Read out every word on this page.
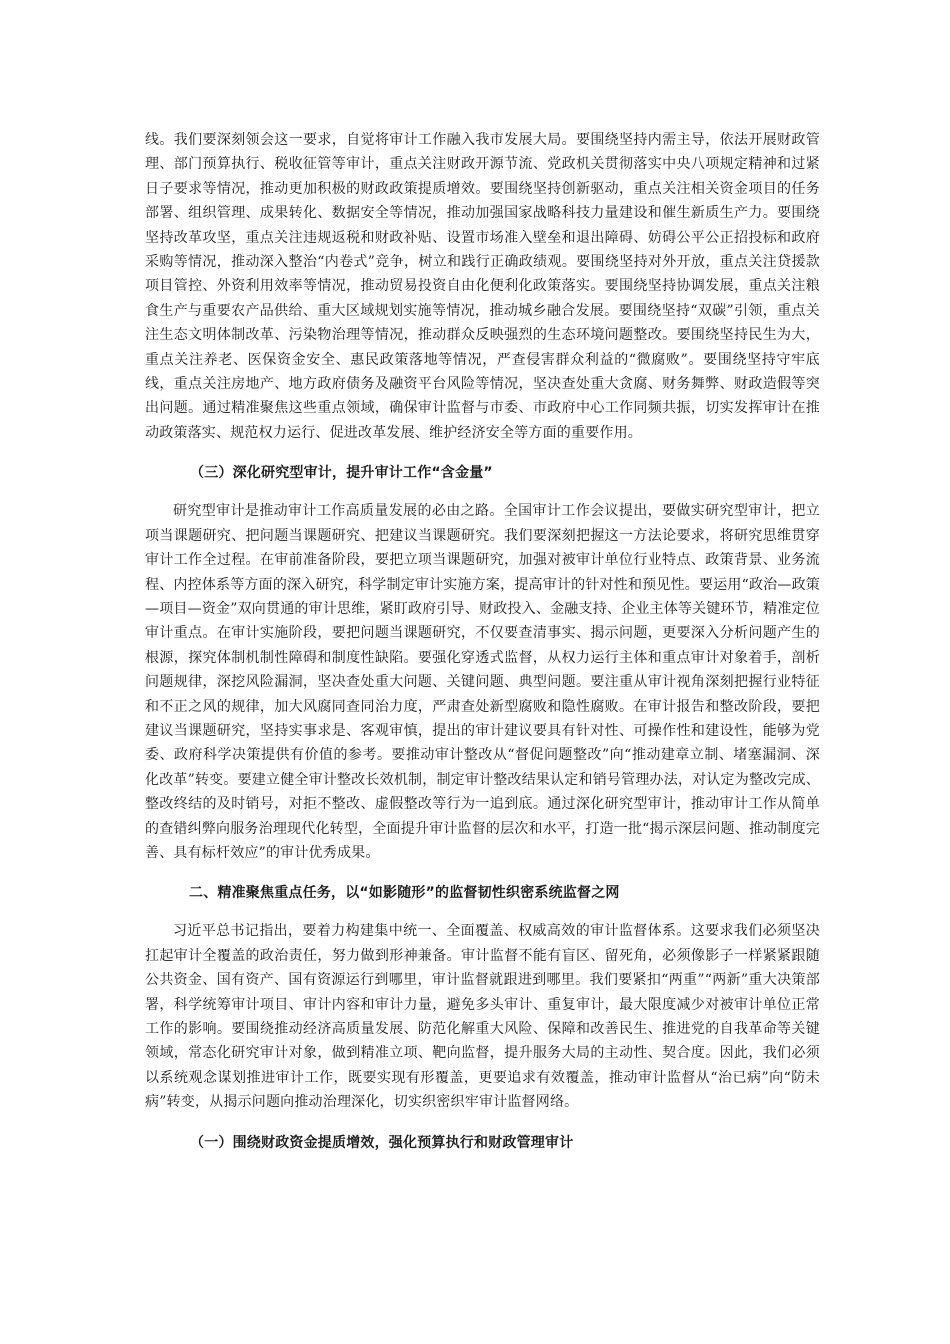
线。我们要深刻领会这一要求，自觉将审计工作融入我市发展大局。要围绕坚持内需主导，依法开展财政管理、部门预算执行、税收征管等审计，重点关注财政开源节流、党政机关贯彻落实中央八项规定精神和过紧日子要求等情况，推动更加积极的财政政策提质增效。要围绕坚持创新驱动，重点关注相关资金项目的任务部署、组织管理、成果转化、数据安全等情况，推动加强国家战略科技力量建设和催生新质生产力。要围绕坚持改革攻坚，重点关注违规返税和财政补贴、设置市场准入壁垒和退出障碍、妨碍公平公正招投标和政府采购等情况，推动深入整治“内卷式”竞争，树立和践行正确政绩观。要围绕坚持对外开放，重点关注贷援款项目管控、外资利用效率等情况，推动贸易投资自由化便利化政策落实。要围绕坚持协调发展，重点关注粮食生产与重要农产品供给、重大区域规划实施等情况，推动城乡融合发展。要围绕坚持“双碳”引领，重点关注生态文明体制改革、污染物治理等情况，推动群众反映强烈的生态环境问题整改。要围绕坚持民生为大，重点关注养老、医保资金安全、惠民政策落地等情况，严查侵害群众利益的“微腐败”。要围绕坚持守牢底线，重点关注房地产、地方政府债务及融资平台风险等情况，坚决查处重大贪腐、财务舞弊、财政造假等突出问题。通过精准聚焦这些重点领域，确保审计监督与市委、市政府中心工作同频共振，切实发挥审计在推动政策落实、规范权力运行、促进改革发展、维护经济安全等方面的重要作用。

（三）深化研究型审计，提升审计工作“含金量”

研究型审计是推动审计工作高质量发展的必由之路。全国审计工作会议提出，要做实研究型审计，把立项当课题研究、把问题当课题研究、把建议当课题研究。我们要深刻把握这一方法论要求，将研究思维贯穿审计工作全过程。在审前准备阶段，要把立项当课题研究，加强对被审计单位行业特点、政策背景、业务流程、内控体系等方面的深入研究，科学制定审计实施方案，提高审计的针对性和预见性。要运用“政治—政策—项目—资金”双向贯通的审计思维，紧盯政府引导、财政投入、金融支持、企业主体等关键环节，精准定位审计重点。在审计实施阶段，要把问题当课题研究，不仅要查清事实、揭示问题，更要深入分析问题产生的根源，探究体制机制性障碍和制度性缺陷。要强化穿透式监督，从权力运行主体和重点审计对象着手，剖析问题规律，深挖风险漏洞，坚决查处重大问题、关键问题、典型问题。要注重从审计视角深刻把握行业特征和不正之风的规律，加大风腐同查同治力度，严肃查处新型腐败和隐性腐败。在审计报告和整改阶段，要把建议当课题研究，坚持实事求是、客观审慎，提出的审计建议要具有针对性、可操作性和建设性，能够为党委、政府科学决策提供有价值的参考。要推动审计整改从“督促问题整改”向“推动建章立制、堵塞漏洞、深化改革”转变。要建立健全审计整改长效机制，制定审计整改结果认定和销号管理办法，对认定为整改完成、整改终结的及时销号，对拒不整改、虚假整改等行为一追到底。通过深化研究型审计，推动审计工作从简单的查错纠弊向服务治理现代化转型，全面提升审计监督的层次和水平，打造一批“揭示深层问题、推动制度完善、具有标杆效应”的审计优秀成果。

二、精准聚焦重点任务，以“如影随形”的监督韧性织密系统监督之网

习近平总书记指出，要着力构建集中统一、全面覆盖、权威高效的审计监督体系。这要求我们必须坚决扛起审计全覆盖的政治责任，努力做到形神兼备。审计监督不能有盲区、留死角，必须像影子一样紧紧跟随公共资金、国有资产、国有资源运行到哪里，审计监督就跟进到哪里。我们要紧扣“两重”“两新”重大决策部署，科学统筹审计项目、审计内容和审计力量，避免多头审计、重复审计，最大限度减少对被审计单位正常工作的影响。要围绕推动经济高质量发展、防范化解重大风险、保障和改善民生、推进党的自我革命等关键领域，常态化研究审计对象，做到精准立项、靶向监督，提升服务大局的主动性、契合度。因此，我们必须以系统观念谋划推进审计工作，既要实现有形覆盖，更要追求有效覆盖，推动审计监督从“治已病”向“防未病”转变，从揭示问题向推动治理深化，切实织密织牢审计监督网络。

（一）围绕财政资金提质增效，强化预算执行和财政管理审计
